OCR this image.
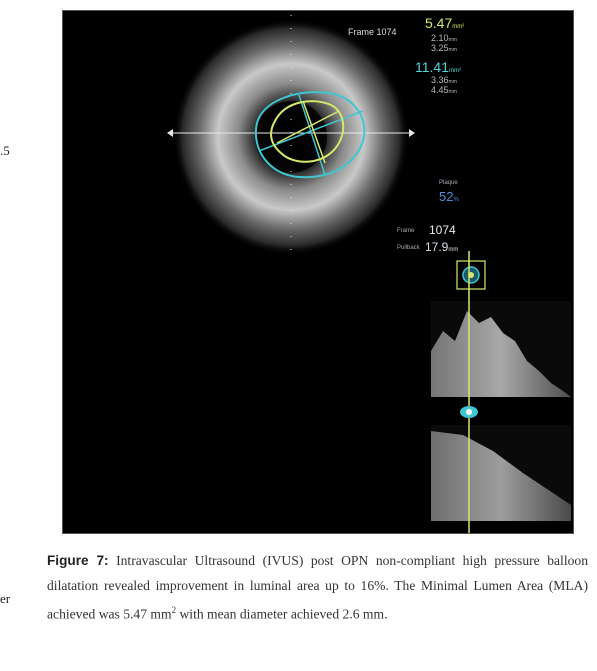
.5
er
Frame 1074
5.47mm²
2.10mm
3.25mm
11.41mm²
3.36mm
4.45mm
Plaque
52%
Frame 1074
Pullback 17.9mm
Figure 7: Intravascular Ultrasound (IVUS) post OPN non-compliant high pressure balloon dilatation revealed improvement in luminal area up to 16%. The Minimal Lumen Area (MLA) achieved was 5.47 $mm^2$ with mean diameter achieved 2.6 mm.
